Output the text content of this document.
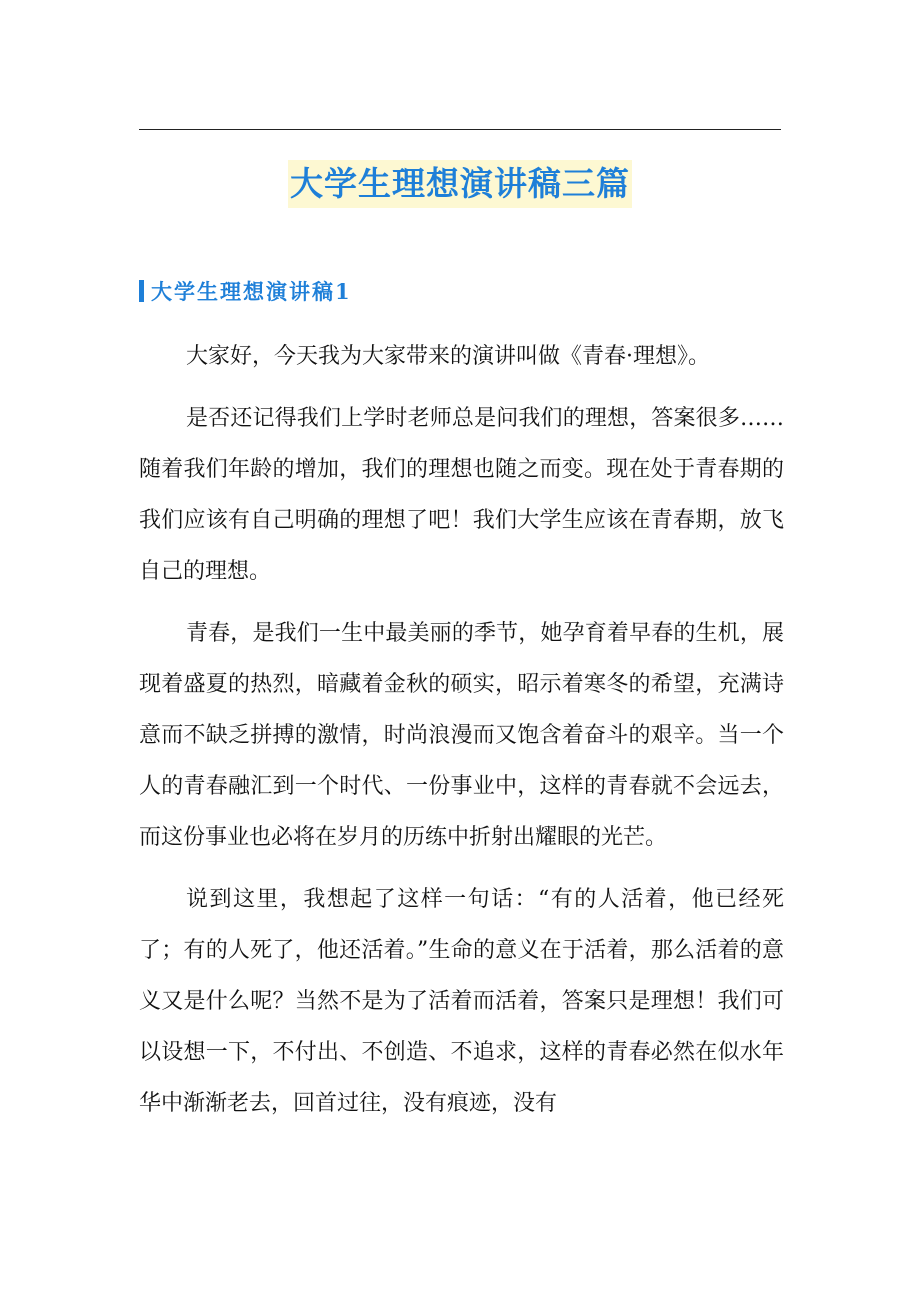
大学生理想演讲稿三篇
大学生理想演讲稿1

大家好，今天我为大家带来的演讲叫做《青春·理想》。

是否还记得我们上学时老师总是问我们的理想，答案很多……随着我们年龄的增加，我们的理想也随之而变。现在处于青春期的我们应该有自己明确的理想了吧！我们大学生应该在青春期，放飞自己的理想。

青春，是我们一生中最美丽的季节，她孕育着早春的生机，展现着盛夏的热烈，暗藏着金秋的硕实，昭示着寒冬的希望，充满诗意而不缺乏拼搏的激情，时尚浪漫而又饱含着奋斗的艰辛。当一个人的青春融汇到一个时代、一份事业中，这样的青春就不会远去，而这份事业也必将在岁月的历练中折射出耀眼的光芒。

说到这里，我想起了这样一句话：“有的人活着，他已经死了；有的人死了，他还活着。”生命的意义在于活着，那么活着的意义又是什么呢？当然不是为了活着而活着，答案只是理想！我们可以设想一下，不付出、不创造、不追求，这样的青春必然在似水年华中渐渐老去，回首过往，没有痕迹，没有
